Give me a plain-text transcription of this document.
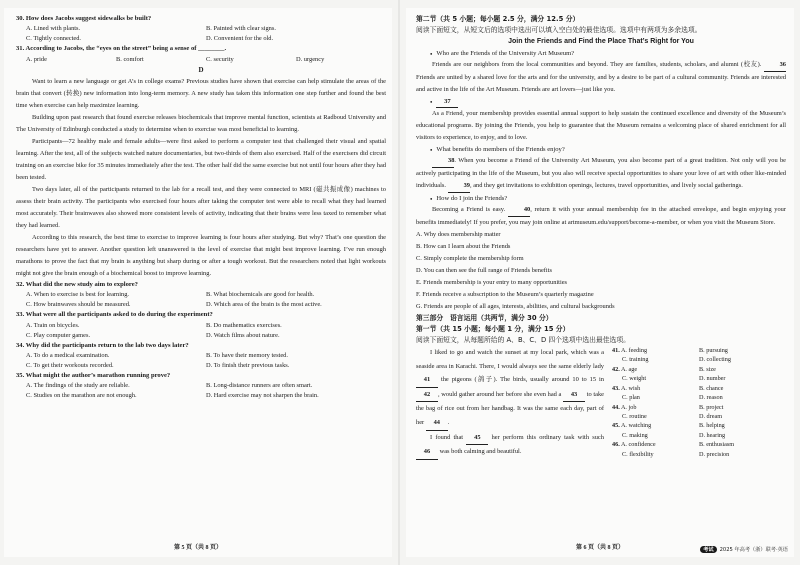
30. How does Jacobs suggest sidewalks be built?

A. Lined with plants.	B. Painted with clear signs.
C. Tightly connected.	D. Convenient for the old.

31. According to Jacobs, the “eyes on the street” being a sense of ________.

A. pride	B. comfort	C. security	D. urgency

D

Want to learn a new language or get A’s in college exams? Previous studies have shown that exercise can help stimulate the areas of the brain that convert (转换) new information into long-term memory. A new study has taken this information one step further and found the best time when exercise can help maximize learning.

Building upon past research that found exercise releases biochemicals that improve mental function, scientists at Radboud University and The University of Edinburgh conducted a study to determine when to exercise was most beneficial to learning.

Participants—72 healthy male and female adults—were first asked to perform a computer test that challenged their visual and spatial learning. After the test, all of the subjects watched nature documentaries, but two-thirds of them also exercised. Half of the exercisers did circuit training on an exercise bike for 35 minutes immediately after the test. The other half did the same exercise but not until four hours after they had been tested.

Two days later, all of the participants returned to the lab for a recall test, and they were connected to MRI (磁共振成像) machines to assess their brain activity. The participants who exercised four hours after taking the computer test were able to recall what they had learned most accurately. Their brainwaves also showed more consistent levels of activity, indicating that their brains were less taxed to remember what they had learned.

According to this research, the best time to exercise to improve learning is four hours after studying. But why? That’s one question the researchers have yet to answer. Another question left unanswered is the level of exercise that might best improve learning. I’ve run enough marathons to prove the fact that my brain is anything but sharp during or after a tough workout. But the researchers noted that light workouts might not give the brain enough of a biochemical boost to improve learning.

32. What did the new study aim to explore?

A. When to exercise is best for learning.	B. What biochemicals are good for health.
C. How brainwaves should be measured.	D. Which area of the brain is the most active.

33. What were all the participants asked to do during the experiment?

A. Train on bicycles.	B. Do mathematics exercises.
C. Play computer games.	D. Watch films about nature.

34. Why did the participants return to the lab two days later?

A. To do a medical examination.	B. To have their memory tested.
C. To get their workouts recorded.	D. To finish their previous tasks.

35. What might the author’s marathon running prove?

A. The findings of the study are reliable.	B. Long-distance runners are often smart.
C. Studies on the marathon are not enough.	D. Hard exercise may not sharpen the brain.
第 5 页（共 8 页）

第二节（共 5 小题；每小题 2.5 分，满分 12.5 分）

阅读下面短文，从短文后的选项中选出可以填入空白处的最佳选项。选项中有两项为多余选项。

Join the Friends and Find the Place That’s Right for You

● Who are the Friends of the University Art Museum?

Friends are our neighbors from the local communities and beyond. They are families, students, scholars, and alumni (校友).	36 Friends are united by a shared love for the arts and for the university, and by a desire to be part of a cultural community. Friends are interested and active in the life of the Art Museum. Friends are art lovers—just like you.

● 37

As a Friend, your membership provides essential annual support to help sustain the continued excellence and diversity of the Museum’s educational programs. By joining the Friends, you help to guarantee that the Museum remains a welcoming place of shared enrichment for all visitors to experience, to enjoy, and to love.

● What benefits do members of the Friends enjoy?

38. When you become a Friend of the University Art Museum, you also become part of a great tradition. Not only will you be actively participating in the life of the Museum, but you also will receive special opportunities to share your love of art with other like-minded individuals.	39, and they get invitations to exhibition openings, lectures, travel opportunities, and lively social gatherings.

● How do I join the Friends?

Becoming a Friend is easy.	40, return it with your annual membership fee in the attached envelope, and begin enjoying your benefits immediately! If you prefer, you may join online at artmuseum.edu/support/become-a-member, or when you visit the Museum Store.

A. Why does membership matter

B. How can I learn about the Friends

C. Simply complete the membership form

D. You can then see the full range of Friends benefits

E. Friends membership is your entry to many opportunities

F. Friends receive a subscription to the Museum’s quarterly magazine

G. Friends are people of all ages, interests, abilities, and cultural backgrounds

第三部分　语言运用（共两节，满分 30 分）

第一节（共 15 小题；每小题 1 分，满分 15 分）

阅读下面短文，从每题所给的 A、B、C、D 四个选项中选出最佳选项。

I liked to go and watch the sunset at my local park, which was a seaside area in Karachi. There, I would always see the same elderly lady 41 the pigeons (鸽子). The birds, usually around 10 to 15 in 42 , would gather around her before she even had a 43 to take the bag of rice out from her handbag. It was the same each day, part of her 44 .
I found that 45 her perform this ordinary task with such 46 was both calming and beautiful.
41. A. feeding	B. pursuing
C. training	D. collecting
42. A. age	B. size
C. weight	D. number
43. A. wish	B. chance
C. plan	D. reason
44. A. job	B. project
C. routine	D. dream
45. A. watching	B. helping
C. making	D. hearing
46. A. confidence	B. enthusiasm
C. flexibility	D. precision
第 6 页（共 8 页）	考试	2025 年高考（浙）联考·英语
